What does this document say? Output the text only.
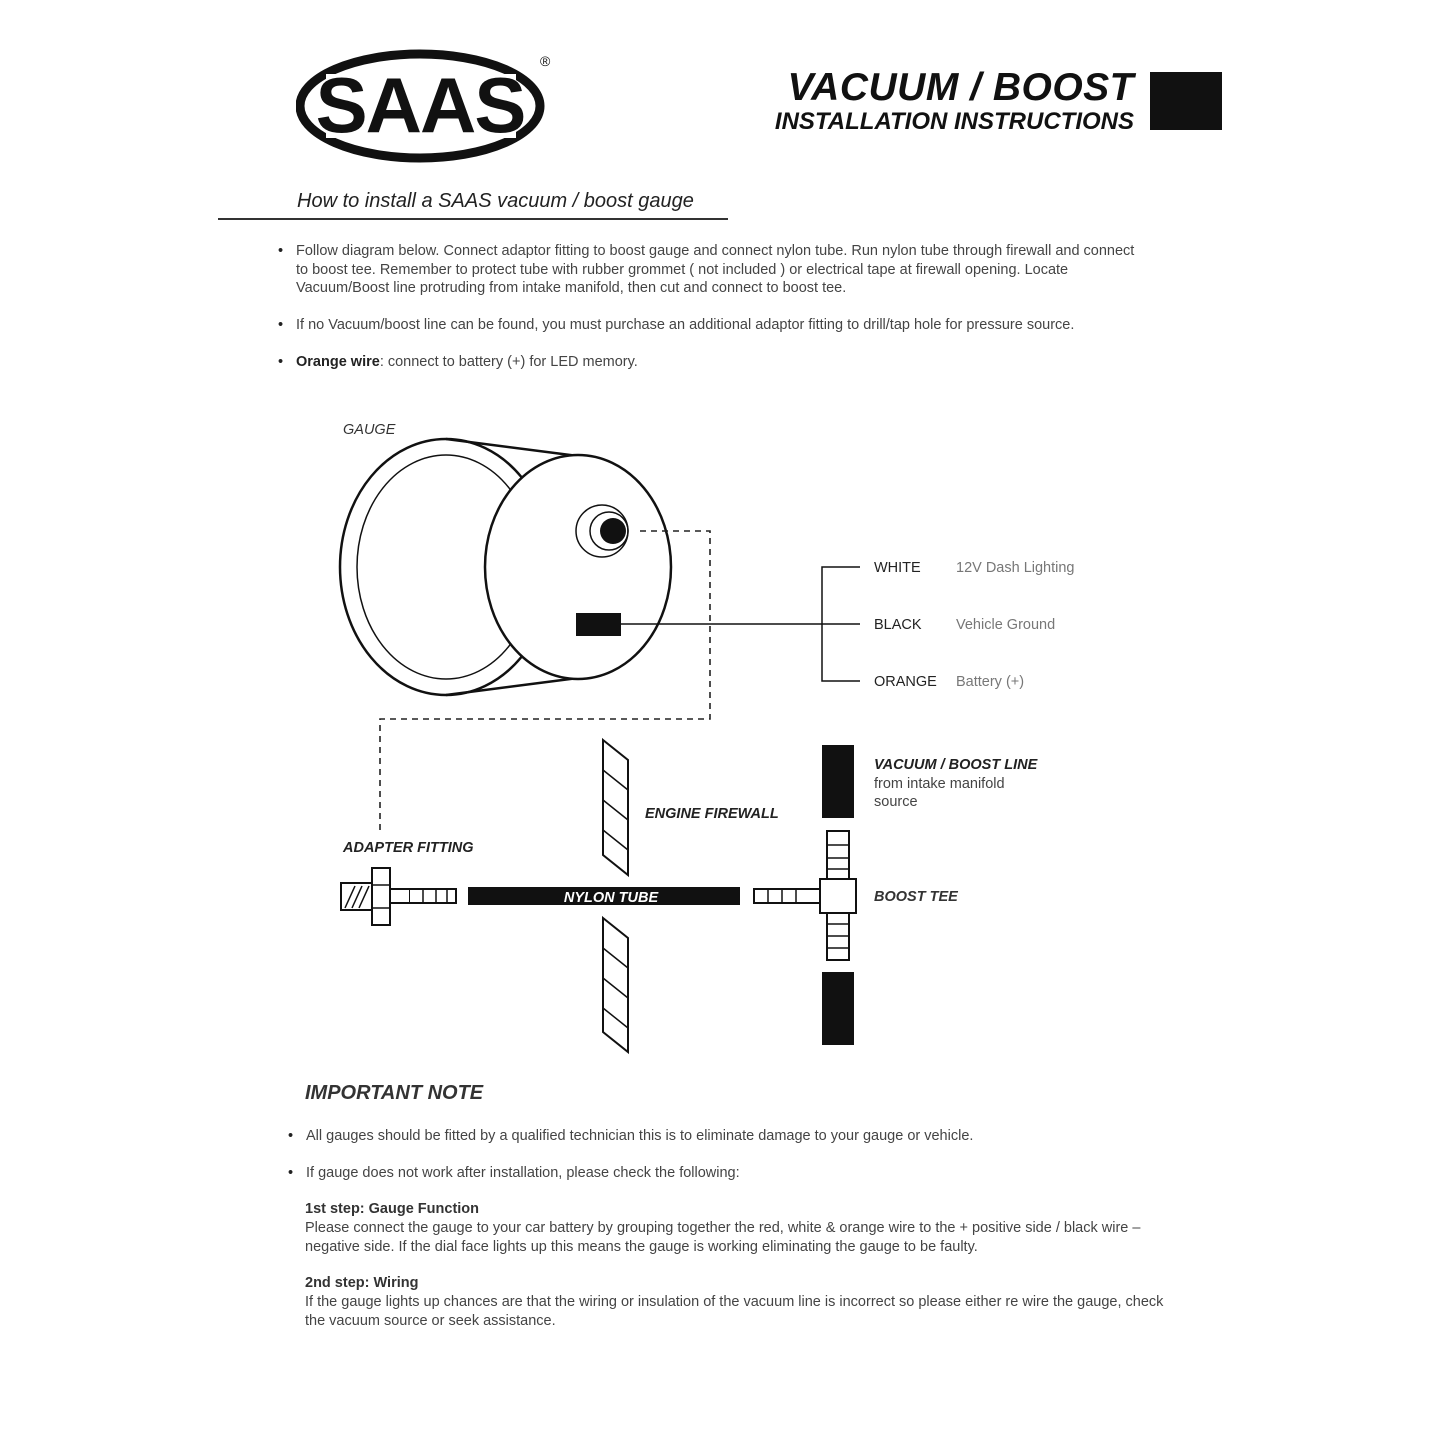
SAAS ®
VACUUM / BOOST
INSTALLATION INSTRUCTIONS
How to install a SAAS vacuum / boost gauge
• Follow diagram below. Connect adaptor fitting to boost gauge and connect nylon tube. Run nylon tube through firewall and connect to boost tee. Remember to protect tube with rubber grommet ( not included ) or electrical tape at firewall opening. Locate Vacuum/Boost line protruding from intake manifold, then cut and connect to boost tee.
• If no Vacuum/boost line can be found, you must purchase an additional adaptor fitting to drill/tap hole for pressure source.
• Orange wire: connect to battery (+) for LED memory.
GAUGE
WHITE 12V Dash Lighting
BLACK Vehicle Ground
ORANGE Battery (+)
ENGINE FIREWALL
ADAPTER FITTING
NYLON TUBE	BOOST TEE
VACUUM / BOOST LINE
from intake manifold
source
IMPORTANT NOTE
• All gauges should be fitted by a qualified technician this is to eliminate damage to your gauge or vehicle.
• If gauge does not work after installation, please check the following:
1st step: Gauge Function
Please connect the gauge to your car battery by grouping together the red, white & orange wire to the + positive side / black wire – negative side. If the dial face lights up this means the gauge is working eliminating the gauge to be faulty.
2nd step: Wiring
If the gauge lights up chances are that the wiring or insulation of the vacuum line is incorrect so please either re wire the gauge, check the vacuum source or seek assistance.
